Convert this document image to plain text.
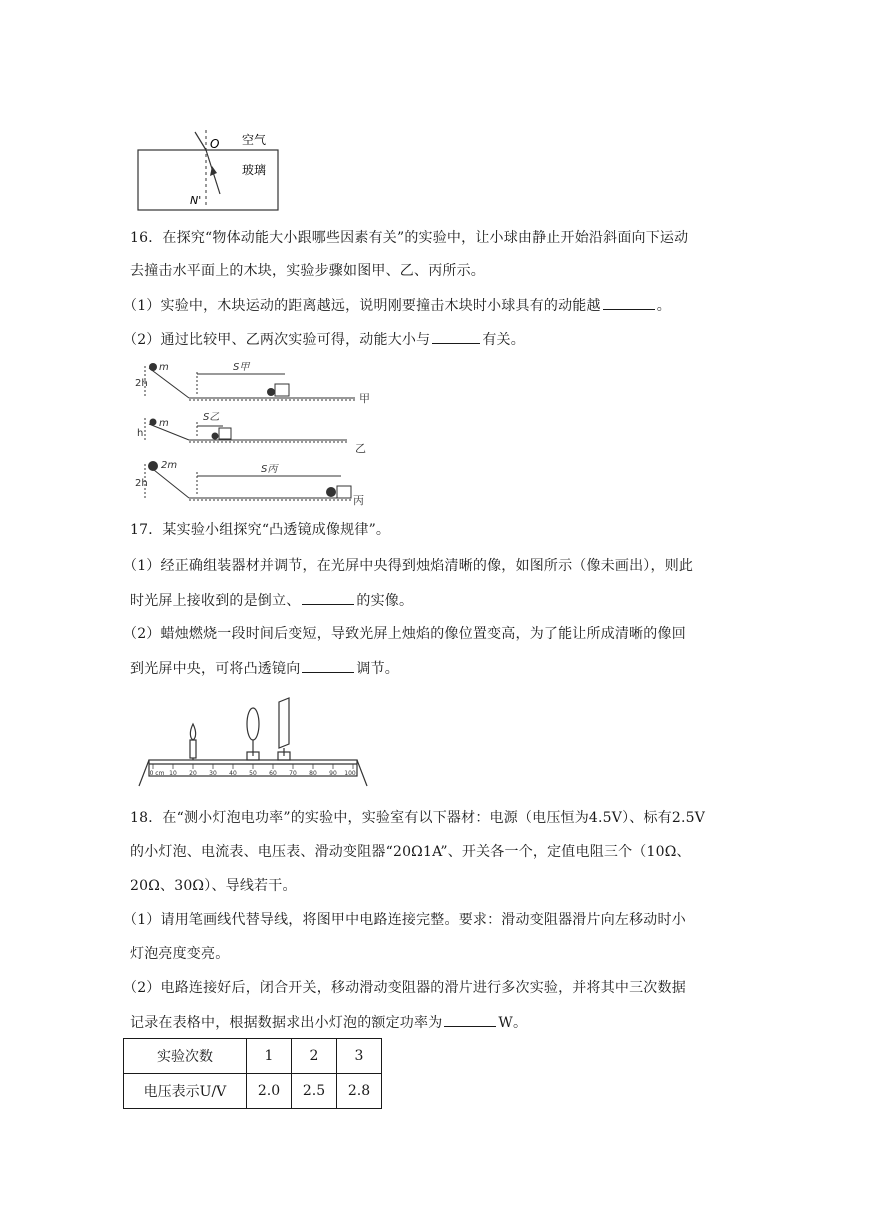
O 空气
玻璃
N'
16．在探究“物体动能大小跟哪些因素有关”的实验中，让小球由静止开始沿斜面向下运动
去撞击水平面上的木块，实验步骤如图甲、乙、丙所示。
（1）实验中，木块运动的距离越远，说明刚要撞击木块时小球具有的动能越	。
（2）通过比较甲、乙两次实验可得，动能大小与	有关。
m
2h
S甲
甲
m
h
S乙
乙
2m
2h
S丙
丙
17．某实验小组探究“凸透镜成像规律”。
（1）经正确组装器材并调节，在光屏中央得到烛焰清晰的像，如图所示（像未画出），则此
时光屏上接收到的是倒立、	的实像。
（2）蜡烛燃烧一段时间后变短，导致光屏上烛焰的像位置变高，为了能让所成清晰的像回
到光屏中央，可将凸透镜向	调节。
0 cm 10 20 30 40 50 60 70 80 90 100
18．在“测小灯泡电功率”的实验中，实验室有以下器材：电源（电压恒为4.5V）、标有2.5V
的小灯泡、电流表、电压表、滑动变阻器“20Ω1A”、开关各一个，定值电阻三个（10Ω、
20Ω、30Ω）、导线若干。
（1）请用笔画线代替导线，将图甲中电路连接完整。要求：滑动变阻器滑片向左移动时小
灯泡亮度变亮。
（2）电路连接好后，闭合开关，移动滑动变阻器的滑片进行多次实验，并将其中三次数据
记录在表格中，根据数据求出小灯泡的额定功率为	W。
实验次数	1	2	3
电压表示U/V	2.0	2.5	2.8
